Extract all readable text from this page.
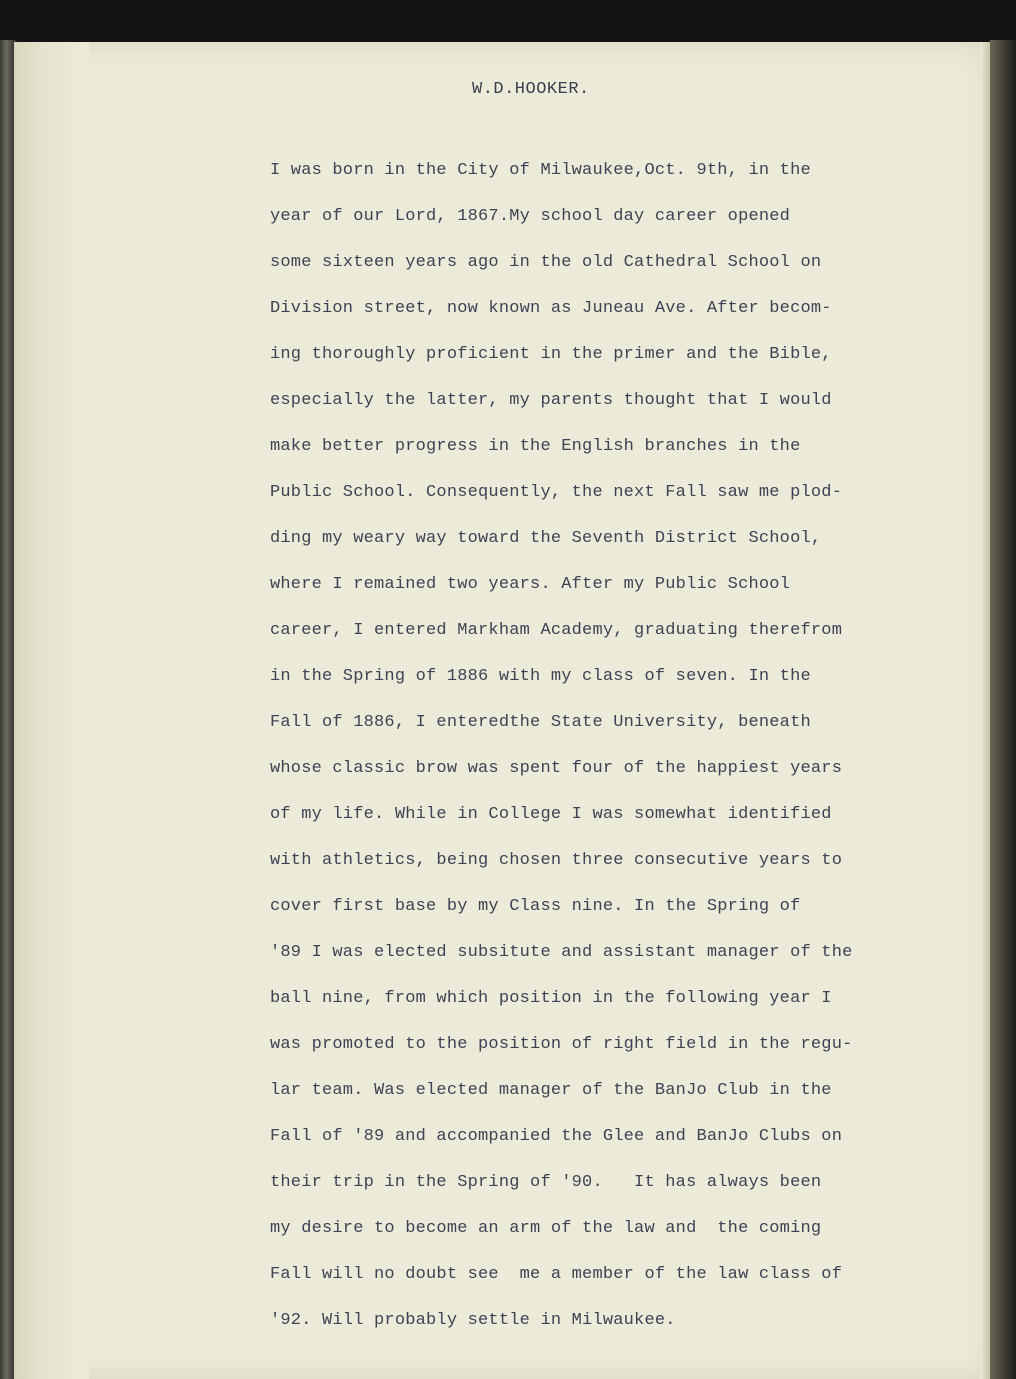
W.D.HOOKER.
I was born in the City of Milwaukee,Oct. 9th, in the
year of our Lord, 1867.My school day career opened
some sixteen years ago in the old Cathedral School on
Division street, now known as Juneau Ave. After becom-
ing thoroughly proficient in the primer and the Bible,
especially the latter, my parents thought that I would
make better progress in the English branches in the
Public School. Consequently, the next Fall saw me plod-
ding my weary way toward the Seventh District School,
where I remained two years. After my Public School
career, I entered Markham Academy, graduating therefrom
in the Spring of 1886 with my class of seven. In the
Fall of 1886, I enteredthe State University, beneath
whose classic brow was spent four of the happiest years
of my life. While in College I was somewhat identified
with athletics, being chosen three consecutive years to
cover first base by my Class nine. In the Spring of
'89 I was elected subsitute and assistant manager of the
ball nine, from which position in the following year I
was promoted to the position of right field in the regu-
lar team. Was elected manager of the BanJo Club in the
Fall of '89 and accompanied the Glee and BanJo Clubs on
their trip in the Spring of '90.   It has always been
my desire to become an arm of the law and  the coming
Fall will no doubt see  me a member of the law class of
'92. Will probably settle in Milwaukee.
